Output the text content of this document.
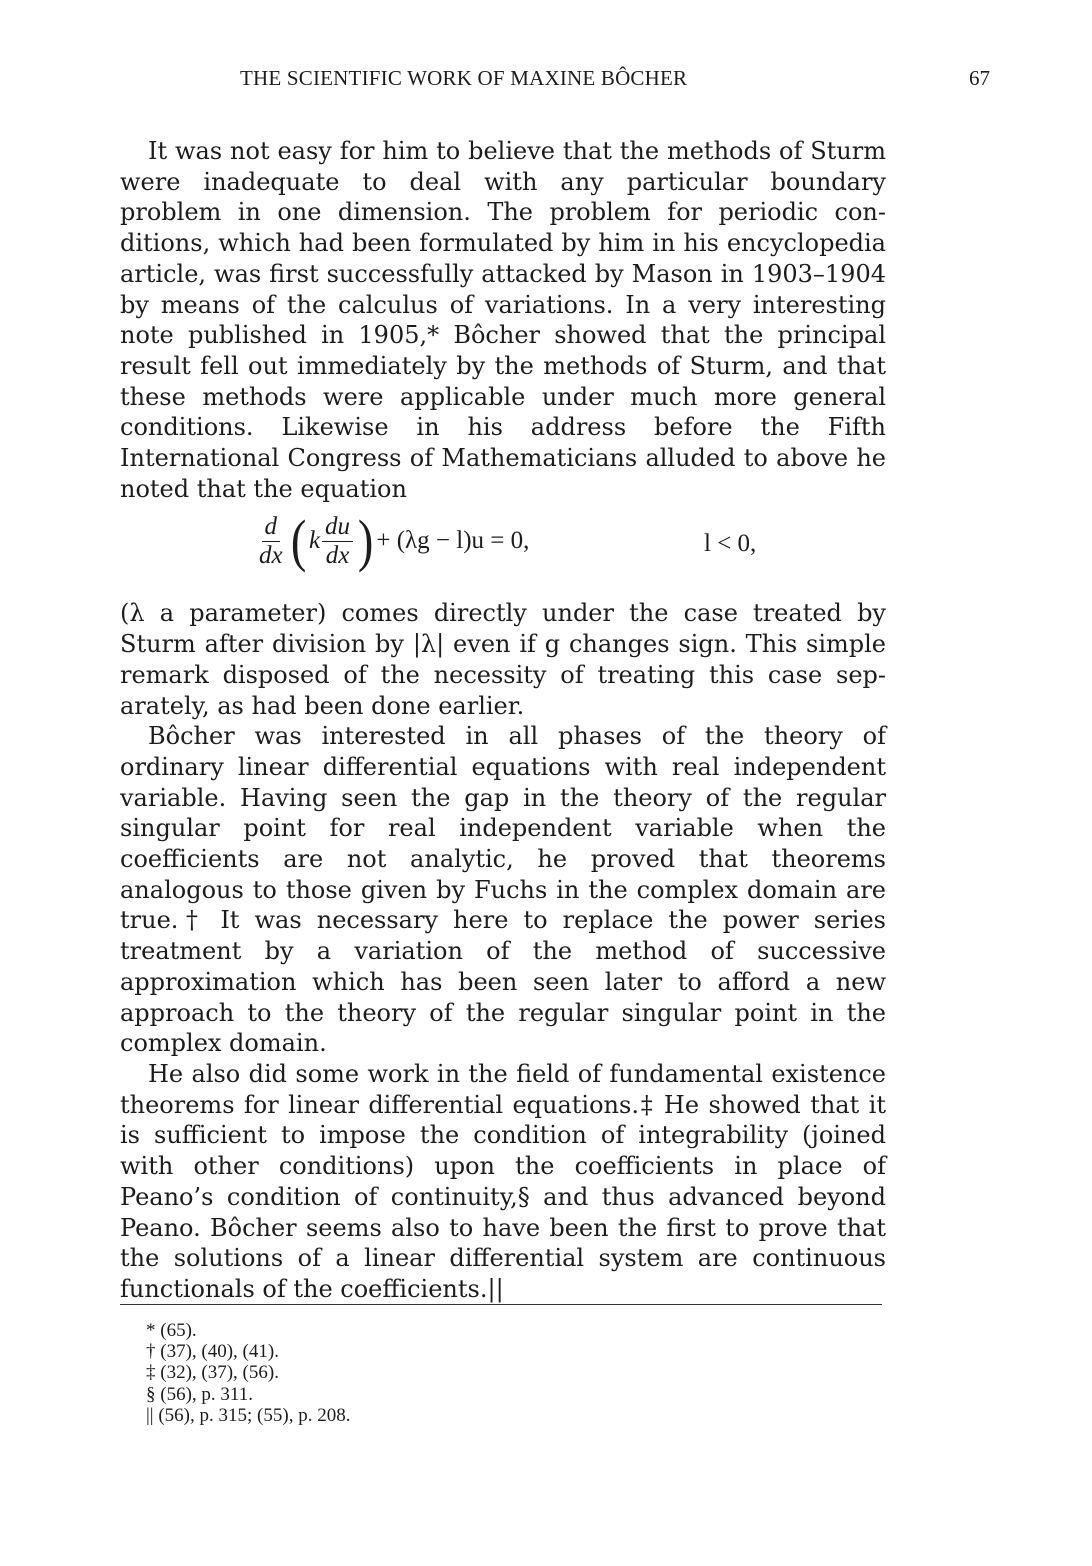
THE SCIENTIFIC WORK OF MAXINE BÔCHER	67

It was not easy for him to believe that the methods of Sturm were inadequate to deal with any particular boundary problem in one dimension. The problem for periodic conditions, which had been formulated by him in his encyclopedia article, was first successfully attacked by Mason in 1903–1904 by means of the calculus of variations. In a very interesting note published in 1905,* Bôcher showed that the principal result fell out immediately by the methods of Sturm, and that these methods were applicable under much more general conditions. Likewise in his address before the Fifth International Congress of Mathematicians alluded to above he noted that the equation

$\frac{d}{dx}$ ( k $\frac{du}{dx}$ ) + (λg − l)u = 0,	l < 0,

(λ a parameter) comes directly under the case treated by Sturm after division by |λ| even if g changes sign. This simple remark disposed of the necessity of treating this case separately, as had been done earlier.

Bôcher was interested in all phases of the theory of ordinary linear differential equations with real independent variable. Having seen the gap in the theory of the regular singular point for real independent variable when the coefficients are not analytic, he proved that theorems analogous to those given by Fuchs in the complex domain are true.† It was necessary here to replace the power series treatment by a variation of the method of successive approximation which has been seen later to afford a new approach to the theory of the regular singular point in the complex domain.

He also did some work in the field of fundamental existence theorems for linear differential equations.‡ He showed that it is sufficient to impose the condition of integrability (joined with other conditions) upon the coefficients in place of Peano’s condition of continuity,§ and thus advanced beyond Peano. Bôcher seems also to have been the first to prove that the solutions of a linear differential system are continuous functionals of the coefficients.||

* (65).
† (37), (40), (41).
‡ (32), (37), (56).
§ (56), p. 311.
|| (56), p. 315; (55), p. 208.
